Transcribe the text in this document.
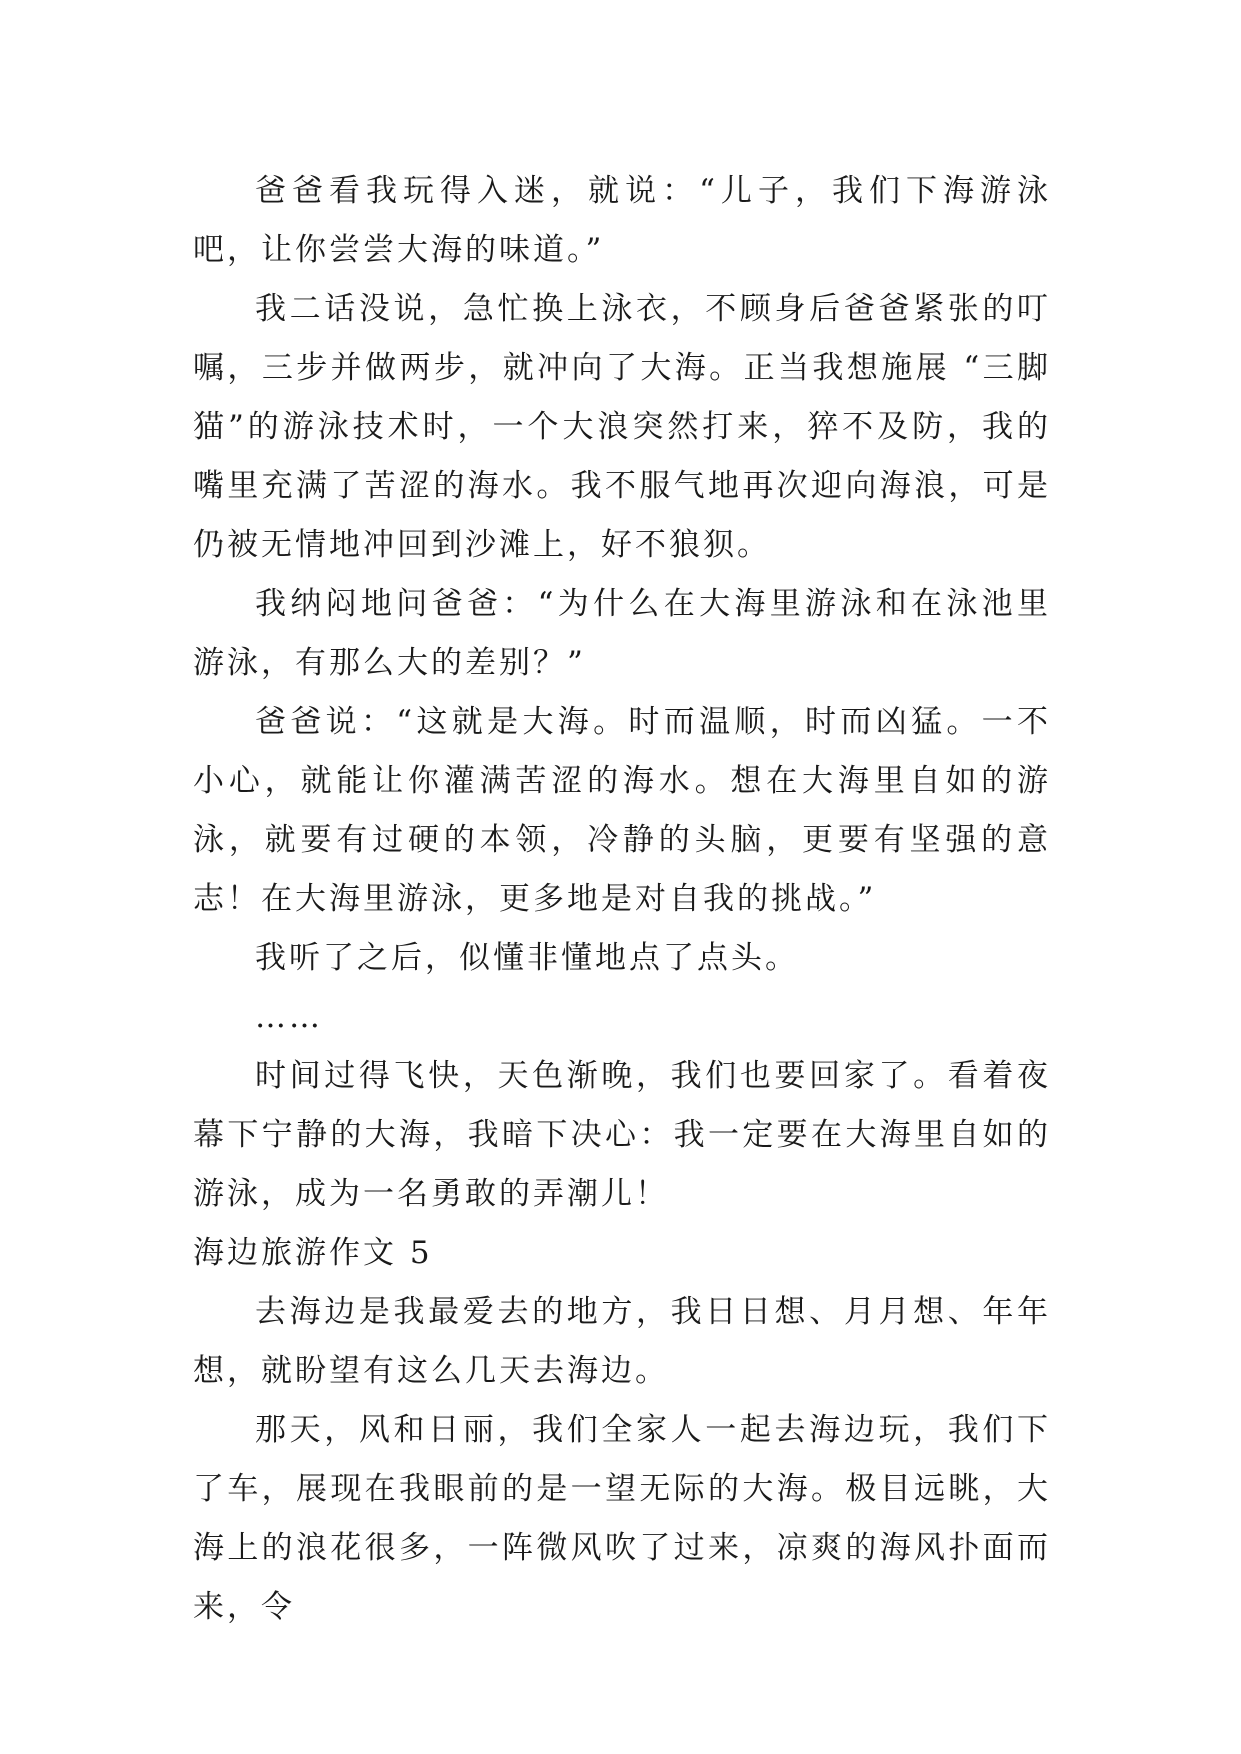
爸爸看我玩得入迷，就说：“儿子，我们下海游泳吧，让你尝尝大海的味道。”

我二话没说，急忙换上泳衣，不顾身后爸爸紧张的叮嘱，三步并做两步，就冲向了大海。正当我想施展 “三脚猫”的游泳技术时，一个大浪突然打来，猝不及防，我的嘴里充满了苦涩的海水。我不服气地再次迎向海浪，可是仍被无情地冲回到沙滩上，好不狼狈。

我纳闷地问爸爸：“为什么在大海里游泳和在泳池里游泳，有那么大的差别？”

爸爸说：“这就是大海。时而温顺，时而凶猛。一不小心，就能让你灌满苦涩的海水。想在大海里自如的游泳，就要有过硬的本领，冷静的头脑，更要有坚强的意志！在大海里游泳，更多地是对自我的挑战。”

我听了之后，似懂非懂地点了点头。

……

时间过得飞快，天色渐晚，我们也要回家了。看着夜幕下宁静的大海，我暗下决心：我一定要在大海里自如的游泳，成为一名勇敢的弄潮儿！

海边旅游作文 5

去海边是我最爱去的地方，我日日想、月月想、年年想，就盼望有这么几天去海边。

那天，风和日丽，我们全家人一起去海边玩，我们下了车，展现在我眼前的是一望无际的大海。极目远眺，大海上的浪花很多，一阵微风吹了过来，凉爽的海风扑面而来，令
